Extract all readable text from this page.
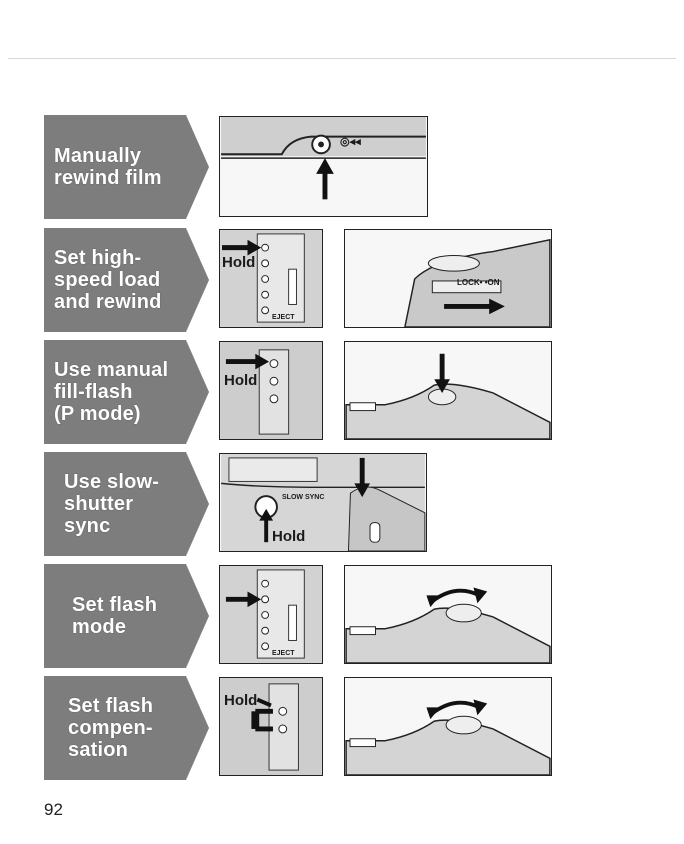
Manually
rewind film
◎◂◂
Set high-
speed load
and rewind
Hold
EJECT
LOCK• •ON
Use manual
fill-flash
(P mode)
Hold
Use slow-
shutter
sync
SLOW SYNC
Hold
Set flash
mode
EJECT
Set flash
compen-
sation
Hold
92
